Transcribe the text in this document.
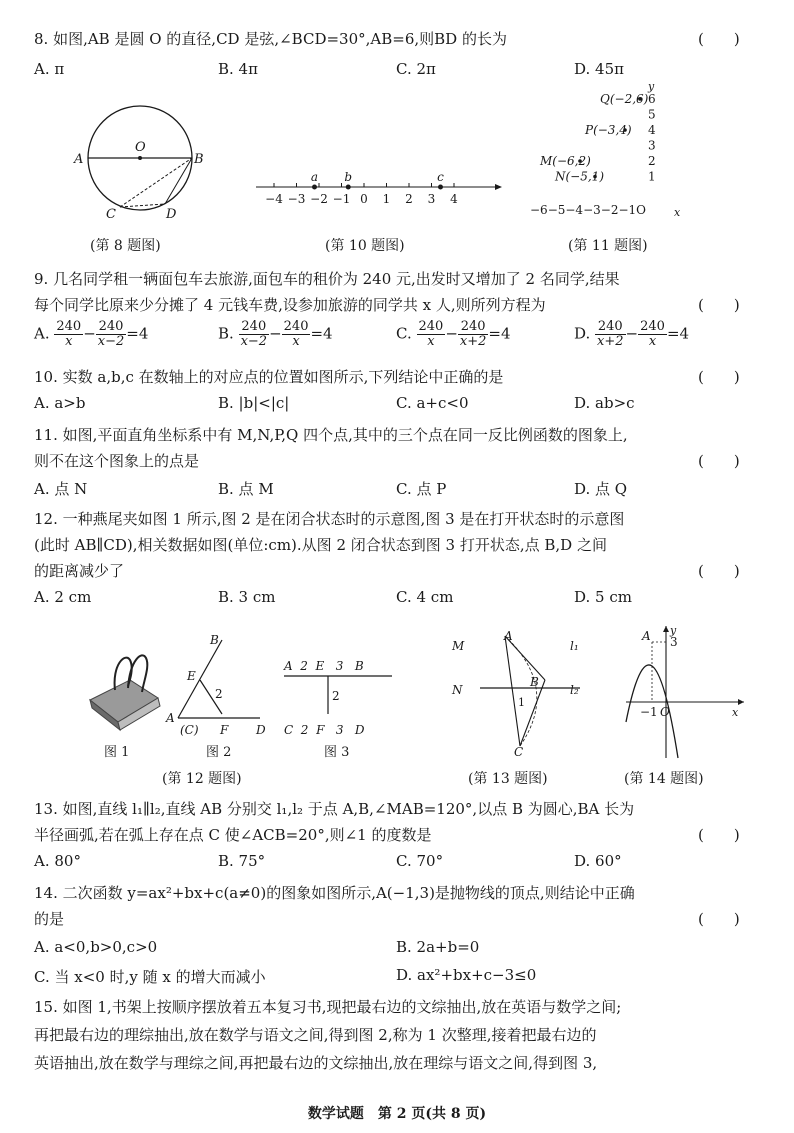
8. 如图,AB 是圆 O 的直径,CD 是弦,∠BCD=30°,AB=6,则BD 的长为	(　　)
A. π	B. 4π	C. 2π	D. 45π
A	B
O
C	D
−4 −3 −2 −1 0 1 2 3 4
a b	c
y
6
5
4
3
2
1
−6−5−4−3−2−1O	x
Q(−2,6)
P(−3,4)
M(−6,2)
N(−5,1)
(第 8 题图)	(第 10 题图)	(第 11 题图)
9. 几名同学租一辆面包车去旅游,面包车的租价为 240 元,出发时又增加了 2 名同学,结果
每个同学比原来少分摊了 4 元钱车费,设参加旅游的同学共 x 人,则所列方程为	(　　)
A. $\frac{240}{x} - \frac{240}{x-2} =4$	B. $\frac{240}{x-2} - \frac{240}{x} =4$	C. $\frac{240}{x} - \frac{240}{x+2} =4$	D. $\frac{240}{x+2} - \frac{240}{x} =4$
10. 实数 a,b,c 在数轴上的对应点的位置如图所示,下列结论中正确的是	(　　)
A. a>b	B. |b|<|c|	C. a+c<0	D. ab>c
11. 如图,平面直角坐标系中有 M,N,P,Q 四个点,其中的三个点在同一反比例函数的图象上,
则不在这个图象上的点是	(　　)
A. 点 N	B. 点 M	C. 点 P	D. 点 Q
12. 一种燕尾夹如图 1 所示,图 2 是在闭合状态时的示意图,图 3 是在打开状态时的示意图
(此时 AB∥CD),相关数据如图(单位:cm).从图 2 闭合状态到图 3 打开状态,点 B,D 之间
的距离减少了	(　　)
A. 2 cm	B. 3 cm	C. 4 cm	D. 5 cm
图 1
B
E
2
A
(C) F D
图 2
A  2  E   3   B
2
C  2  F   3   D
图 3
M
A
l₁
N
B
l₂
1
C
y
A 3
−1 O	x
(第 12 题图)	(第 13 题图)	(第 14 题图)
13. 如图,直线 l₁∥l₂,直线 AB 分别交 l₁,l₂ 于点 A,B,∠MAB=120°,以点 B 为圆心,BA 长为
半径画弧,若在弧上存在点 C 使∠ACB=20°,则∠1 的度数是	(　　)
A. 80°	B. 75°	C. 70°	D. 60°
14. 二次函数 y=ax²+bx+c(a≠0)的图象如图所示,A(−1,3)是抛物线的顶点,则结论中正确
的是	(　　)
A. a<0,b>0,c>0	B. 2a+b=0
C. 当 x<0 时,y 随 x 的增大而减小	D. ax²+bx+c−3≤0
15. 如图 1,书架上按顺序摆放着五本复习书,现把最右边的文综抽出,放在英语与数学之间;
再把最右边的理综抽出,放在数学与语文之间,得到图 2,称为 1 次整理,接着把最右边的
英语抽出,放在数学与理综之间,再把最右边的文综抽出,放在理综与语文之间,得到图 3,
数学试题　第 2 页(共 8 页)
